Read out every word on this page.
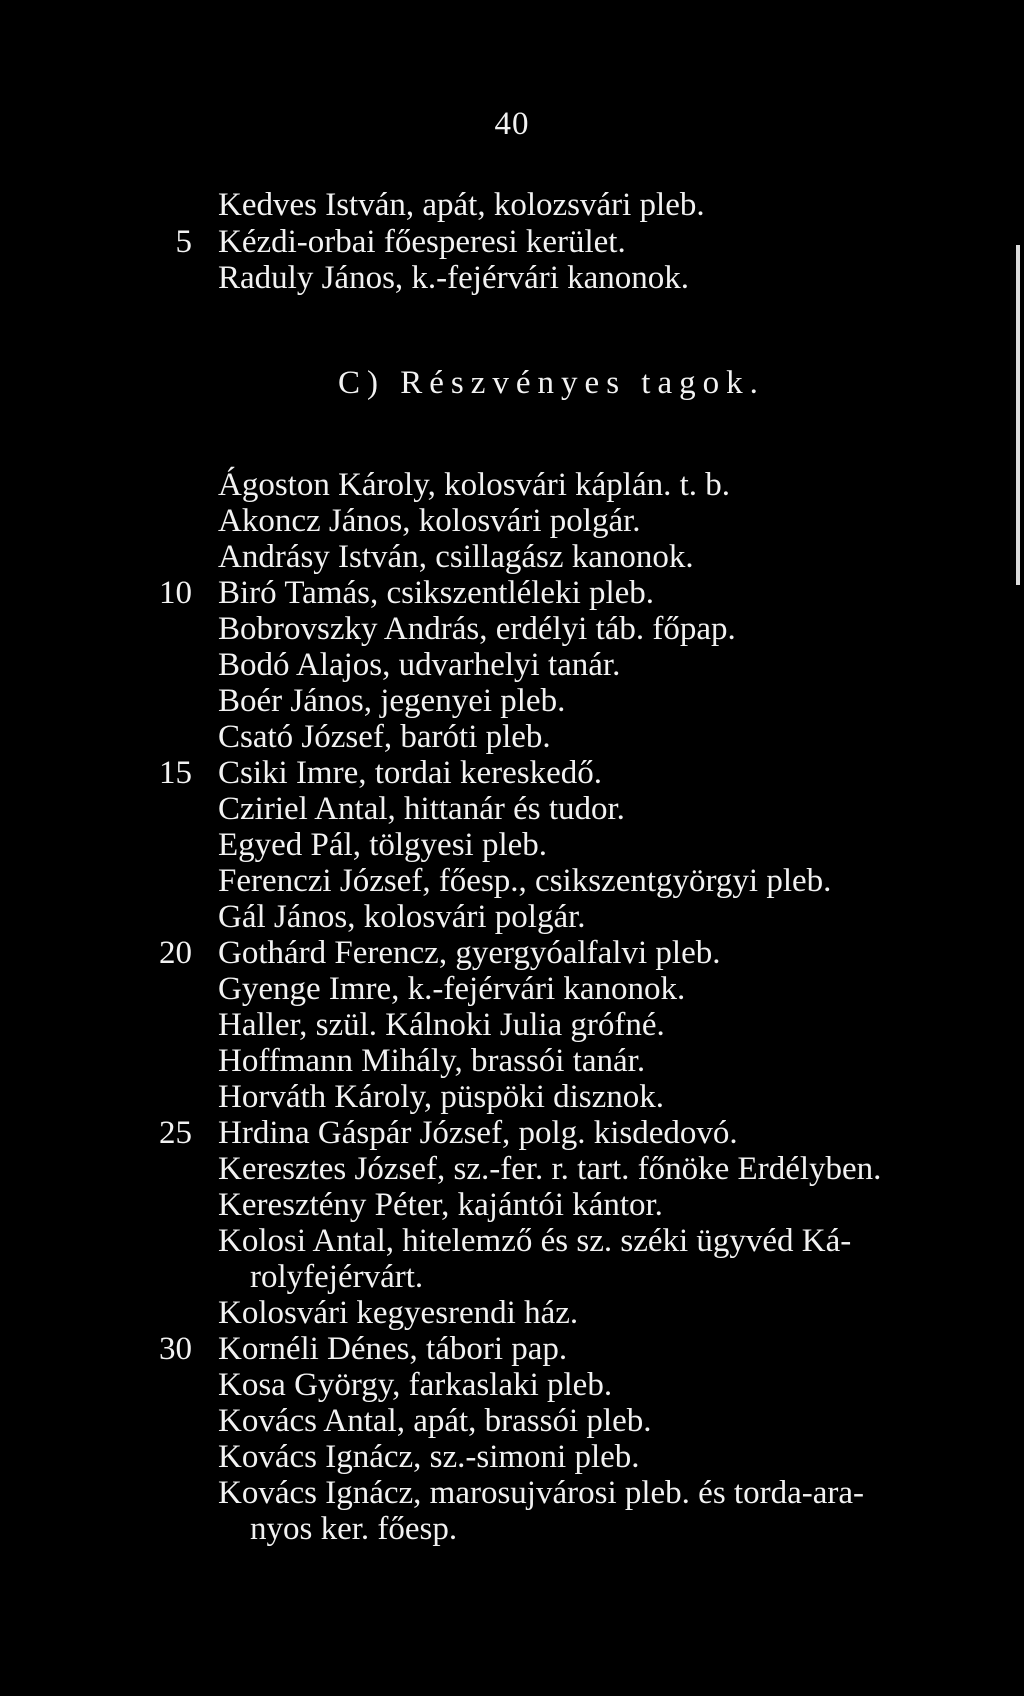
40
Kedves István, apát, kolozsvári pleb.
5 Kézdi-orbai főesperesi kerület.
Raduly János, k.-fejérvári kanonok.
C) Részvényes tagok.
Ágoston Károly, kolosvári káplán. t. b.
Akoncz János, kolosvári polgár.
Andrásy István, csillagász kanonok.
10 Biró Tamás, csikszentléleki pleb.
Bobrovszky András, erdélyi táb. főpap.
Bodó Alajos, udvarhelyi tanár.
Boér János, jegenyei pleb.
Csató József, baróti pleb.
15 Csiki Imre, tordai kereskedő.
Cziriel Antal, hittanár és tudor.
Egyed Pál, tölgyesi pleb.
Ferenczi József, főesp., csikszentgyörgyi pleb.
Gál János, kolosvári polgár.
20 Gothárd Ferencz, gyergyóalfalvi pleb.
Gyenge Imre, k.-fejérvári kanonok.
Haller, szül. Kálnoki Julia grófné.
Hoffmann Mihály, brassói tanár.
Horváth Károly, püspöki disznok.
25 Hrdina Gáspár József, polg. kisdedovó.
Keresztes József, sz.-fer. r. tart. főnöke Erdélyben.
Keresztény Péter, kajántói kántor.
Kolosi Antal, hitelemző és sz. széki ügyvéd Ká-
rolyfejérvárt.
Kolosvári kegyesrendi ház.
30 Kornéli Dénes, tábori pap.
Kosa György, farkaslaki pleb.
Kovács Antal, apát, brassói pleb.
Kovács Ignácz, sz.-simoni pleb.
Kovács Ignácz, marosujvárosi pleb. és torda-ara-
nyos ker. főesp.
